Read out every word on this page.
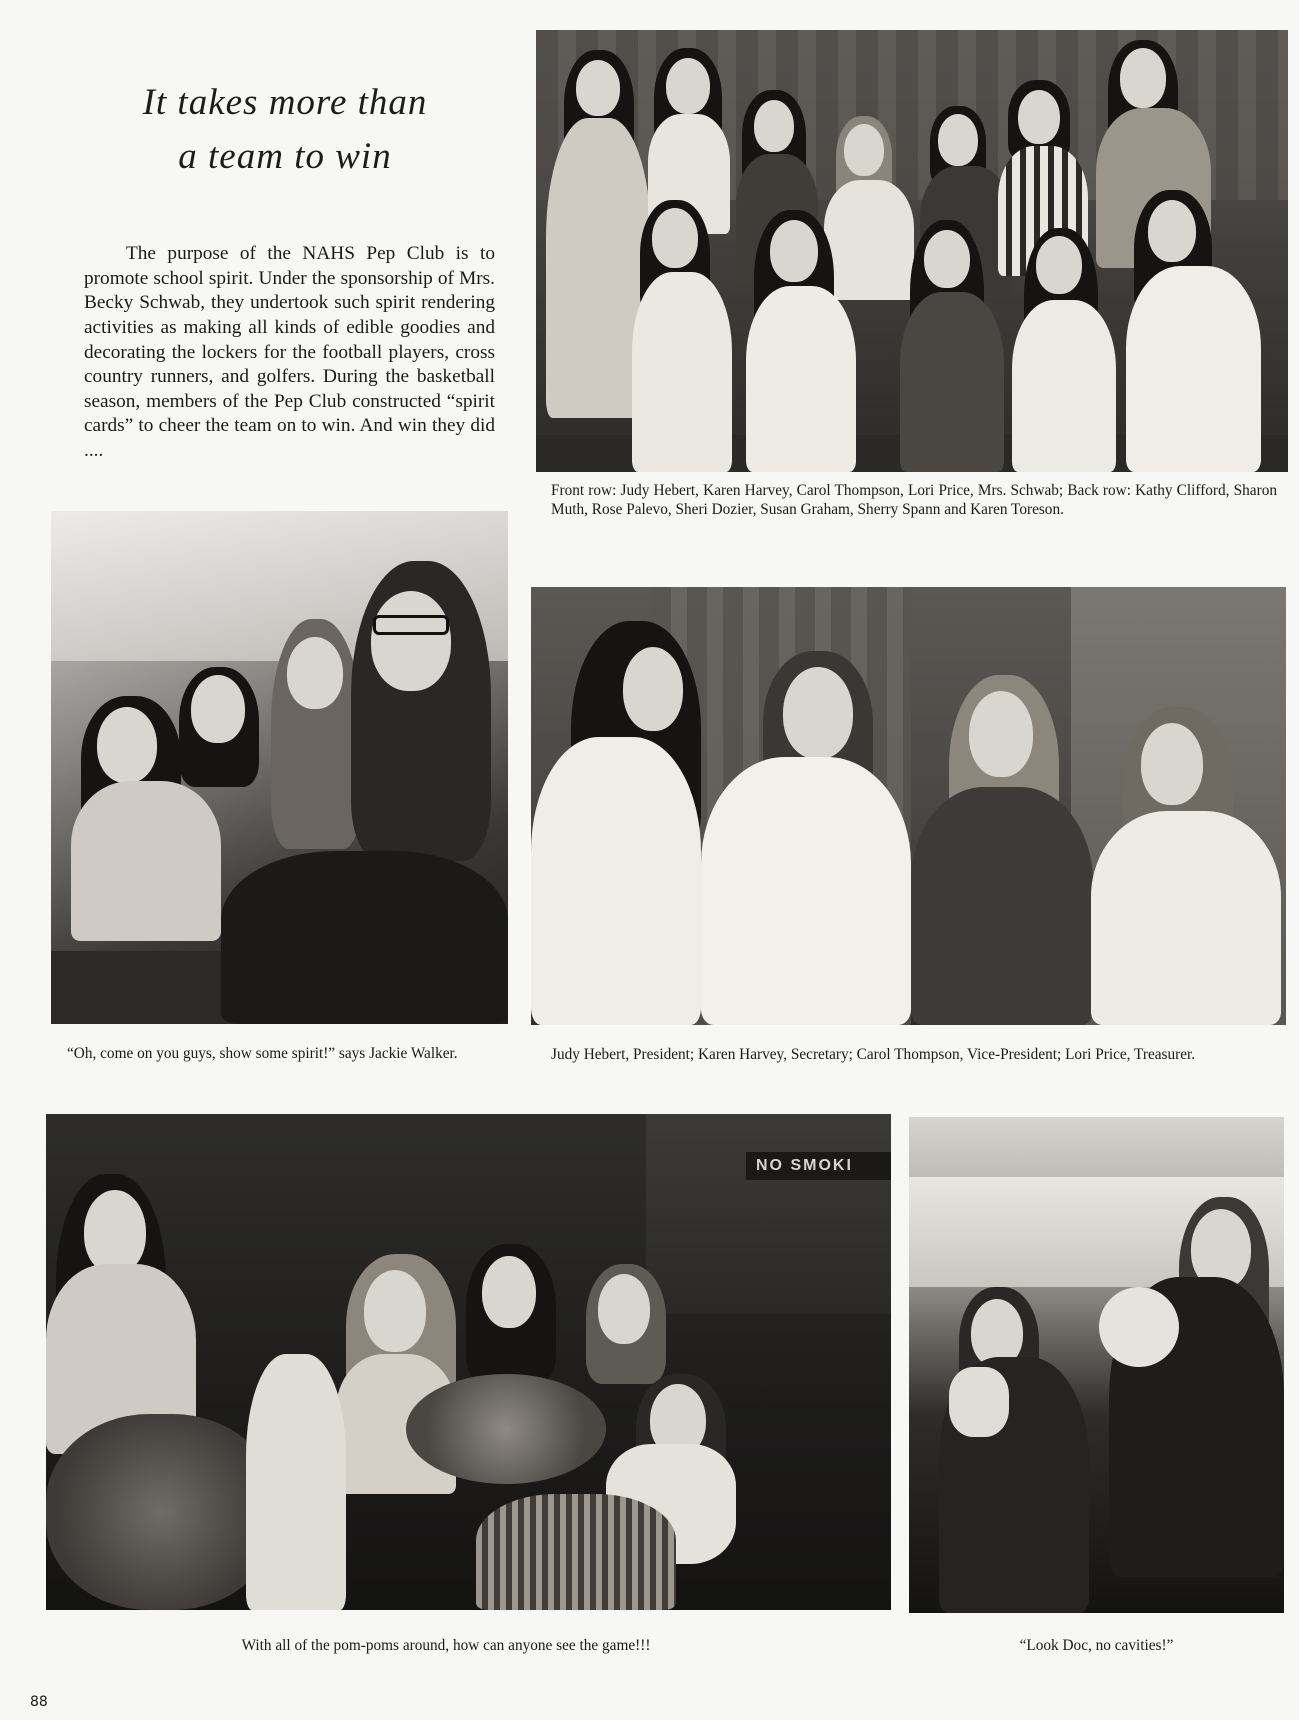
It takes more than
a team to win

The purpose of the NAHS Pep Club is to promote school spirit. Under the sponsorship of Mrs. Becky Schwab, they undertook such spirit rendering activities as making all kinds of edible goodies and decorating the lockers for the football players, cross country runners, and golfers. During the basketball season, members of the Pep Club constructed “spirit cards” to cheer the team on to win. And win they did ....

Front row: Judy Hebert, Karen Harvey, Carol Thompson, Lori Price, Mrs. Schwab; Back row: Kathy Clifford, Sharon Muth, Rose Palevo, Sheri Dozier, Susan Graham, Sherry Spann and Karen Toreson.

“Oh, come on you guys, show some spirit!” says Jackie Walker.	Judy Hebert, President; Karen Harvey, Secretary; Carol Thompson, Vice-President; Lori Price, Treasurer.

NO SMOKI

With all of the pom-poms around, how can anyone see the game!!!	“Look Doc, no cavities!”

88
